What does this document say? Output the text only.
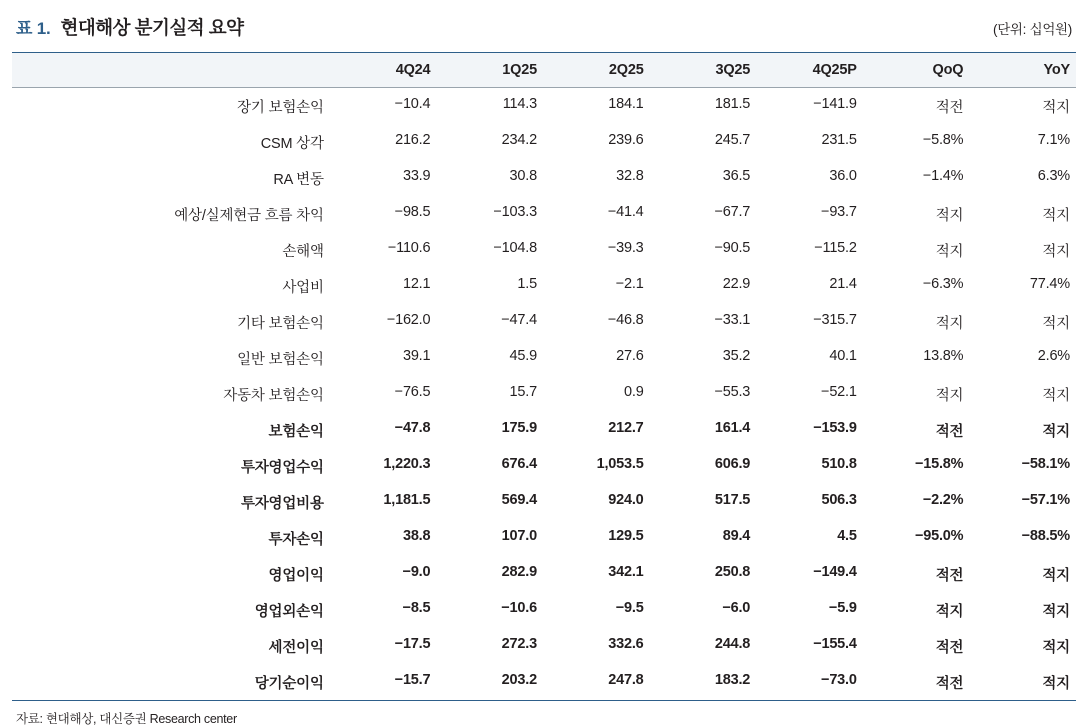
표 1. 현대해상 분기실적 요약	(단위: 십억원)
	4Q24	1Q25	2Q25	3Q25	4Q25P	QoQ	YoY
장기 보험손익	−10.4	114.3	184.1	181.5	−141.9	적전	적지
CSM 상각	216.2	234.2	239.6	245.7	231.5	−5.8%	7.1%
RA 변동	33.9	30.8	32.8	36.5	36.0	−1.4%	6.3%
예상/실제현금 흐름 차익	−98.5	−103.3	−41.4	−67.7	−93.7	적지	적지
손해액	−110.6	−104.8	−39.3	−90.5	−115.2	적지	적지
사업비	12.1	1.5	−2.1	22.9	21.4	−6.3%	77.4%
기타 보험손익	−162.0	−47.4	−46.8	−33.1	−315.7	적지	적지
일반 보험손익	39.1	45.9	27.6	35.2	40.1	13.8%	2.6%
자동차 보험손익	−76.5	15.7	0.9	−55.3	−52.1	적지	적지
보험손익	−47.8	175.9	212.7	161.4	−153.9	적전	적지
투자영업수익	1,220.3	676.4	1,053.5	606.9	510.8	−15.8%	−58.1%
투자영업비용	1,181.5	569.4	924.0	517.5	506.3	−2.2%	−57.1%
투자손익	38.8	107.0	129.5	89.4	4.5	−95.0%	−88.5%
영업이익	−9.0	282.9	342.1	250.8	−149.4	적전	적지
영업외손익	−8.5	−10.6	−9.5	−6.0	−5.9	적지	적지
세전이익	−17.5	272.3	332.6	244.8	−155.4	적전	적지
당기순이익	−15.7	203.2	247.8	183.2	−73.0	적전	적지
자료: 현대해상, 대신증권 Research center
